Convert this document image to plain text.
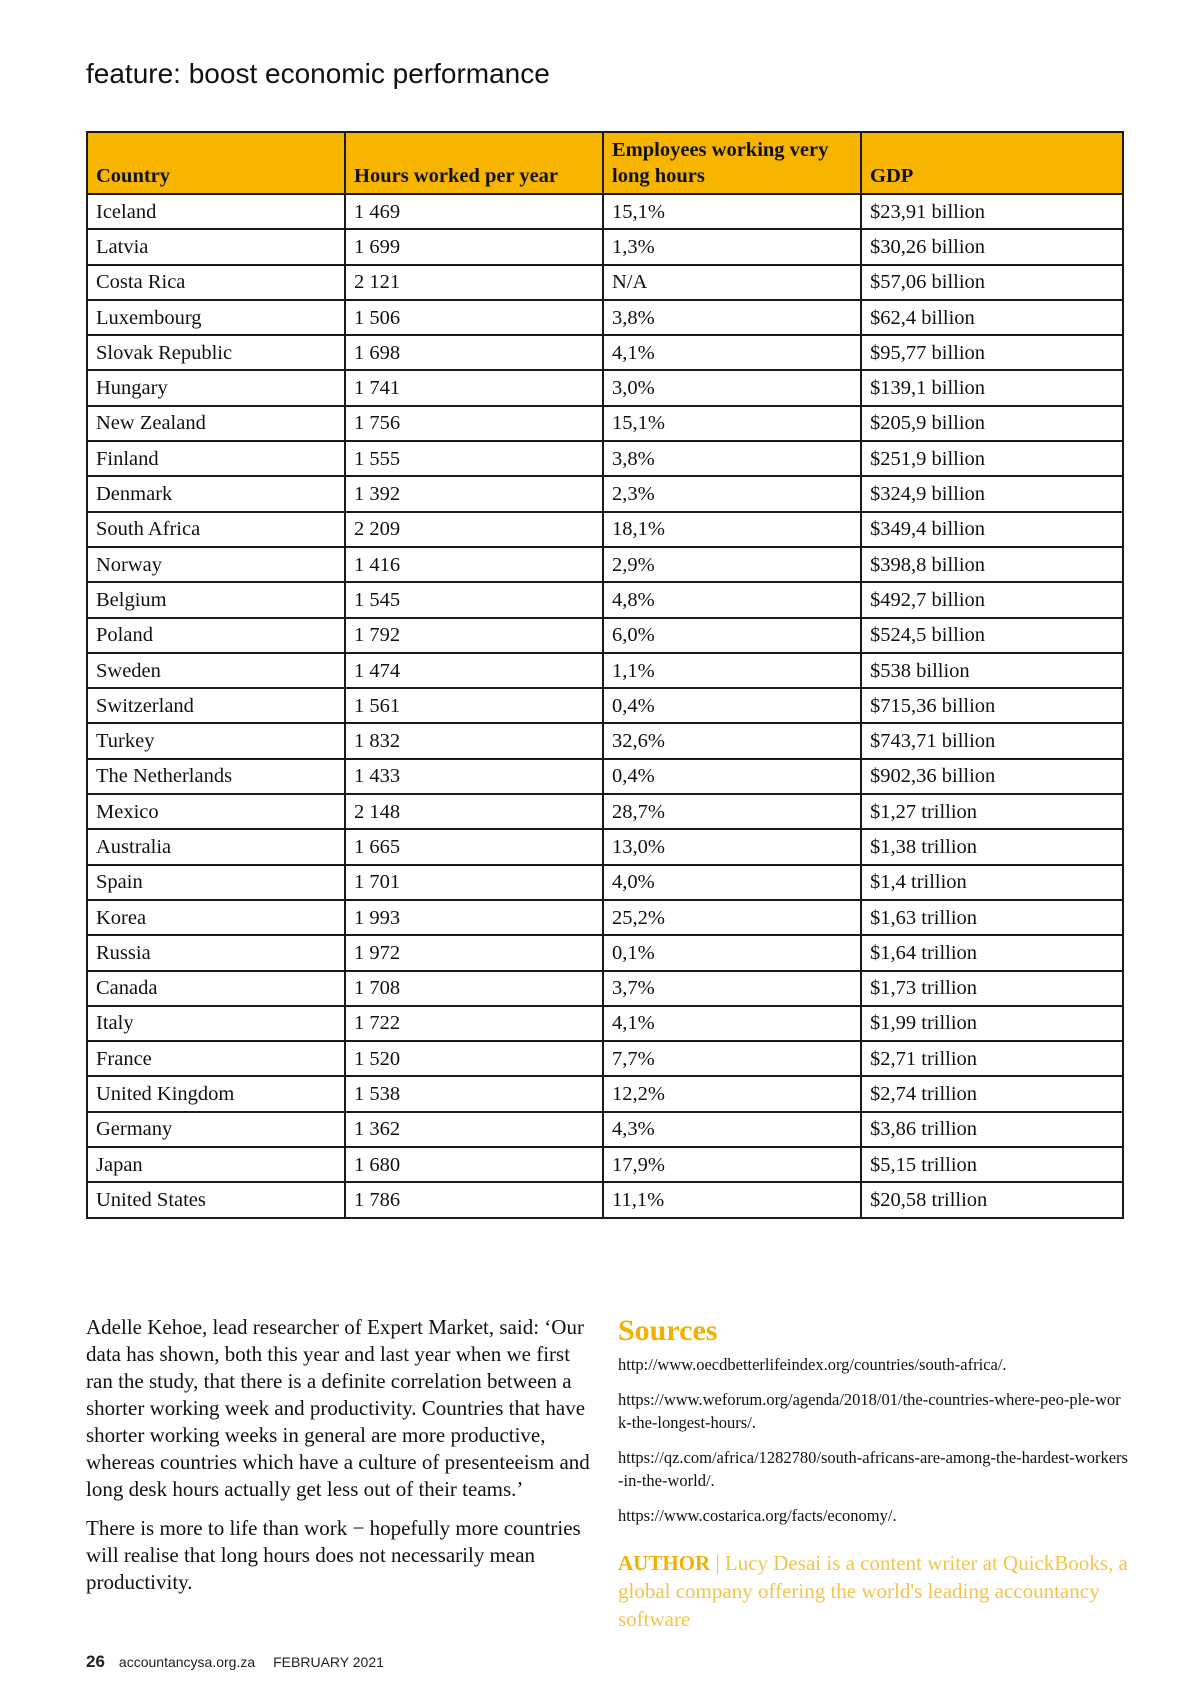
feature: boost economic performance
Country	Hours worked per year	Employees working very long hours	GDP
Iceland	1 469	15,1%	$23,91 billion
Latvia	1 699	1,3%	$30,26 billion
Costa Rica	2 121	N/A	$57,06 billion
Luxembourg	1 506	3,8%	$62,4 billion
Slovak Republic	1 698	4,1%	$95,77 billion
Hungary	1 741	3,0%	$139,1 billion
New Zealand	1 756	15,1%	$205,9 billion
Finland	1 555	3,8%	$251,9 billion
Denmark	1 392	2,3%	$324,9 billion
South Africa	2 209	18,1%	$349,4 billion
Norway	1 416	2,9%	$398,8 billion
Belgium	1 545	4,8%	$492,7 billion
Poland	1 792	6,0%	$524,5 billion
Sweden	1 474	1,1%	$538 billion
Switzerland	1 561	0,4%	$715,36 billion
Turkey	1 832	32,6%	$743,71 billion
The Netherlands	1 433	0,4%	$902,36 billion
Mexico	2 148	28,7%	$1,27 trillion
Australia	1 665	13,0%	$1,38 trillion
Spain	1 701	4,0%	$1,4 trillion
Korea	1 993	25,2%	$1,63 trillion
Russia	1 972	0,1%	$1,64 trillion
Canada	1 708	3,7%	$1,73 trillion
Italy	1 722	4,1%	$1,99 trillion
France	1 520	7,7%	$2,71 trillion
United Kingdom	1 538	12,2%	$2,74 trillion
Germany	1 362	4,3%	$3,86 trillion
Japan	1 680	17,9%	$5,15 trillion
United States	1 786	11,1%	$20,58 trillion

Adelle Kehoe, lead researcher of Expert Market, said: ‘Our data has shown, both this year and last year when we first ran the study, that there is a definite correlation between a shorter working week and productivity. Countries that have shorter working weeks in general are more productive, whereas countries which have a culture of presenteeism and long desk hours actually get less out of their teams.’

There is more to life than work − hopefully more countries will realise that long hours does not necessarily mean productivity.

Sources
http://www.oecdbetterlifeindex.org/countries/south-africa/.
https://www.weforum.org/agenda/2018/01/the-countries-where-peo-ple-work-the-longest-hours/.
https://qz.com/africa/1282780/south-africans-are-among-the-hardest-workers-in-the-world/.
https://www.costarica.org/facts/economy/.
AUTHOR | Lucy Desai is a content writer at QuickBooks, a global company offering the world's leading accountancy software
26 accountancysa.org.za FEBRUARY 2021
